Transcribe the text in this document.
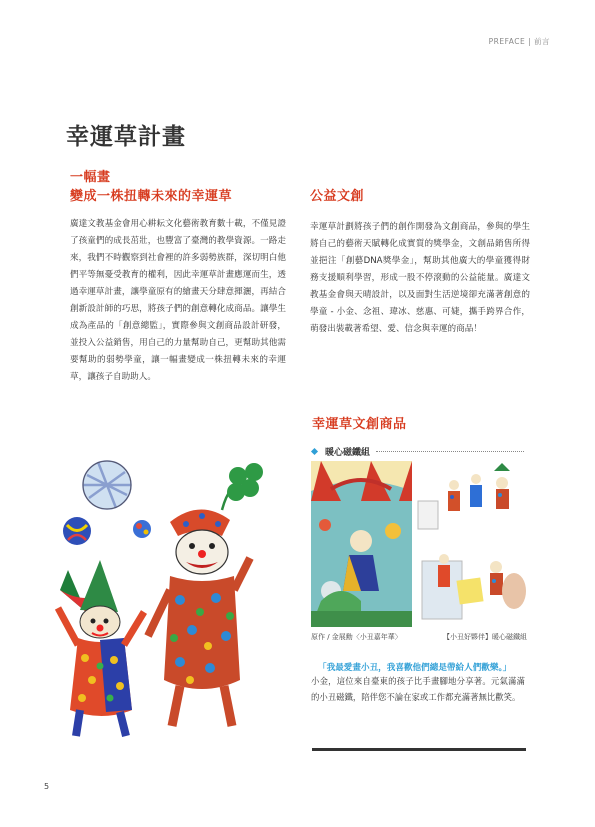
PREFACE | 前言
幸運草計畫
一幅畫
變成一株扭轉未來的幸運草

廣達文教基金會用心耕耘文化藝術教育數十載，不僅見證了孩童們的成長茁壯，也豐富了臺灣的教學資源。一路走來，我們不時觀察到社會裡的許多弱勢族群，深切明白他們平等無憂受教育的權利，因此幸運草計畫應運而生，透過幸運草計畫，讓學童原有的繪畫天分肆意揮灑，再結合創新設計師的巧思，將孩子們的創意轉化成商品。讓學生成為產品的「創意總監」，實際參與文創商品設計研發，並投入公益銷售，用自己的力量幫助自己，更幫助其他需要幫助的弱勢學童，讓一幅畫變成一株扭轉未來的幸運草，讓孩子自助助人。

公益文創

幸運草計劃將孩子們的創作開發為文創商品，參與的學生將自己的藝術天賦轉化成實質的獎學金，文創品銷售所得並挹注「創藝DNA獎學金」，幫助其他廣大的學童獲得財務支援順利學習，形成一股不停滾動的公益能量。廣達文教基金會與天晴設計，以及面對生活逆境卻充滿著創意的學童 - 小金、念祖、瑋冰、慈惠、可婕，攜手跨界合作，萌發出裝載著希望、愛、信念與幸運的商品！

幸運草文創商品
暖心磁鐵組
原作 / 金展勳〈小丑嘉年華〉	【小丑好夥伴】暖心磁鐵組
「我最愛畫小丑，我喜歡他們總是帶給人們歡樂。」

小金，這位來自臺東的孩子比手畫腳地分享著。元氣滿滿的小丑磁鐵，陪伴您不論在家或工作都充滿著無比歡笑。

5
